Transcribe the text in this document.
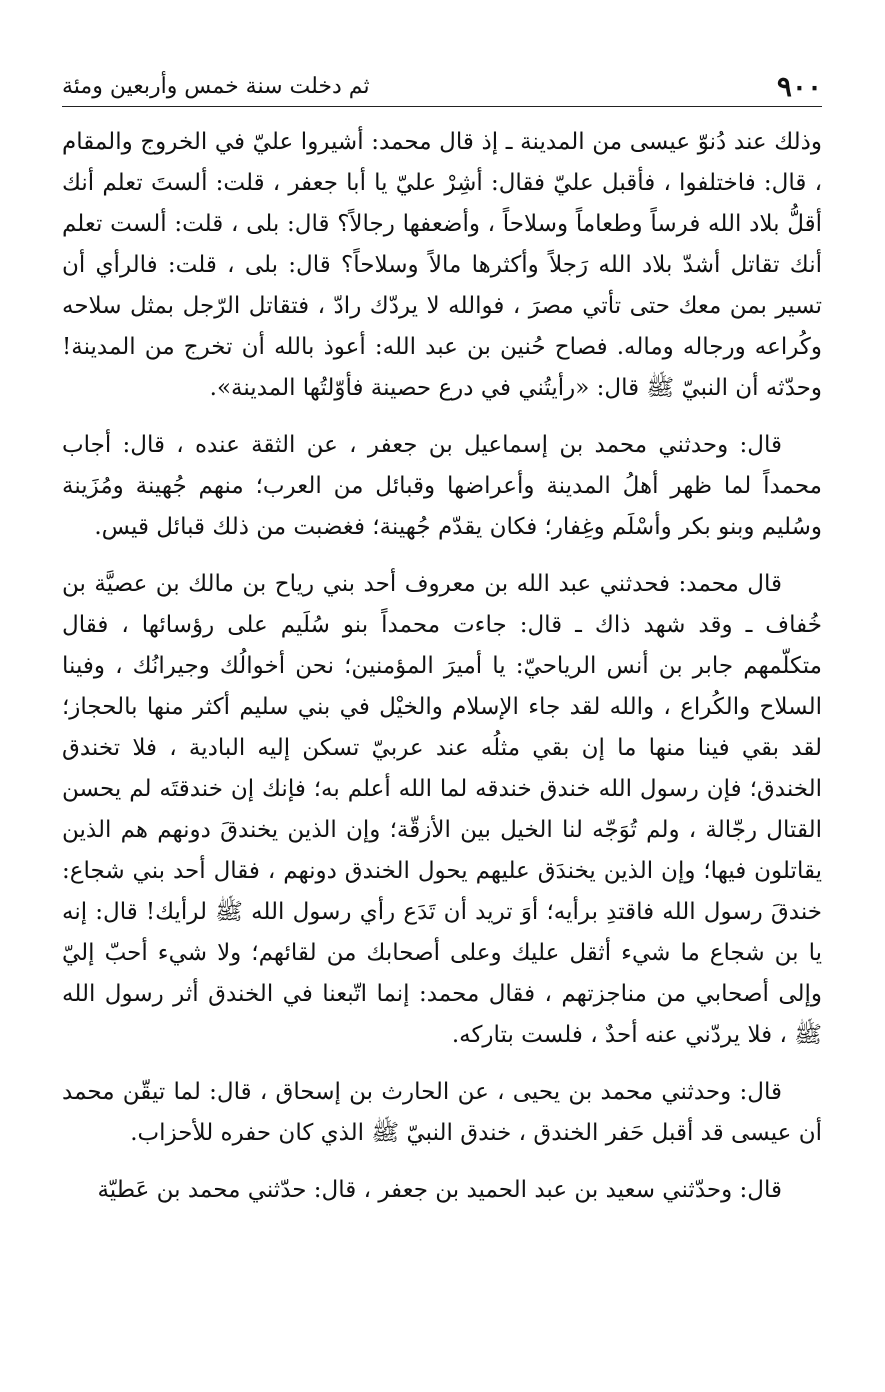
٩٠٠
ثم دخلت سنة خمس وأربعين ومئة

وذلك عند دُنوّ عيسى من المدينة ـ إذ قال محمد: أشيروا عليّ في الخروج والمقام ، قال: فاختلفوا ، فأقبل عليّ فقال: أشِرْ عليّ يا أبا جعفر ، قلت: ألستَ تعلم أنك أقلُّ بلاد الله فرساً وطعاماً وسلاحاً ، وأضعفها رجالاً؟ قال: بلى ، قلت: ألست تعلم أنك تقاتل أشدّ بلاد الله رَجلاً وأكثرها مالاً وسلاحاً؟ قال: بلى ، قلت: فالرأي أن تسير بمن معك حتى تأتي مصرَ ، فوالله لا يردّك رادّ ، فتقاتل الرّجل بمثل سلاحه وكُراعه ورجاله وماله. فصاح حُنين بن عبد الله: أعوذ بالله أن تخرج من المدينة! وحدّثه أن النبيّ ﷺ قال: «رأيتُني في درع حصينة فأوّلتُها المدينة».

قال: وحدثني محمد بن إسماعيل بن جعفر ، عن الثقة عنده ، قال: أجاب محمداً لما ظهر أهلُ المدينة وأعراضها وقبائل من العرب؛ منهم جُهينة ومُزَينة وسُليم وبنو بكر وأسْلَم وغِفار؛ فكان يقدّم جُهينة؛ فغضبت من ذلك قبائل قيس.

قال محمد: فحدثني عبد الله بن معروف أحد بني رياح بن مالك بن عصيَّة بن خُفاف ـ وقد شهد ذاك ـ قال: جاءت محمداً بنو سُلَيم على رؤسائها ، فقال متكلّمهم جابر بن أنس الرياحيّ: يا أميرَ المؤمنين؛ نحن أخوالُك وجيرانُك ، وفينا السلاح والكُراع ، والله لقد جاء الإسلام والخيْل في بني سليم أكثر منها بالحجاز؛ لقد بقي فينا منها ما إن بقي مثلُه عند عربيّ تسكن إليه البادية ، فلا تخندق الخندق؛ فإن رسول الله خندق خندقه لما الله أعلم به؛ فإنك إن خندقتَه لم يحسن القتال رجّالة ، ولم تُوَجّه لنا الخيل بين الأزقّة؛ وإن الذين يخندقَ دونهم هم الذين يقاتلون فيها؛ وإن الذين يخندَق عليهم يحول الخندق دونهم ، فقال أحد بني شجاع: خندقَ رسول الله فاقتدِ برأيه؛ أوَ تريد أن تَدَع رأي رسول الله ﷺ لرأيك! قال: إنه يا بن شجاع ما شيء أثقل عليك وعلى أصحابك من لقائهم؛ ولا شيء أحبّ إليّ وإلى أصحابي من مناجزتهم ، فقال محمد: إنما اتّبعنا في الخندق أثر رسول الله ﷺ ، فلا يردّني عنه أحدٌ ، فلست بتاركه.

قال: وحدثني محمد بن يحيى ، عن الحارث بن إسحاق ، قال: لما تيقّن محمد أن عيسى قد أقبل حَفر الخندق ، خندق النبيّ ﷺ الذي كان حفره للأحزاب.

قال: وحدّثني سعيد بن عبد الحميد بن جعفر ، قال: حدّثني محمد بن عَطيّة
